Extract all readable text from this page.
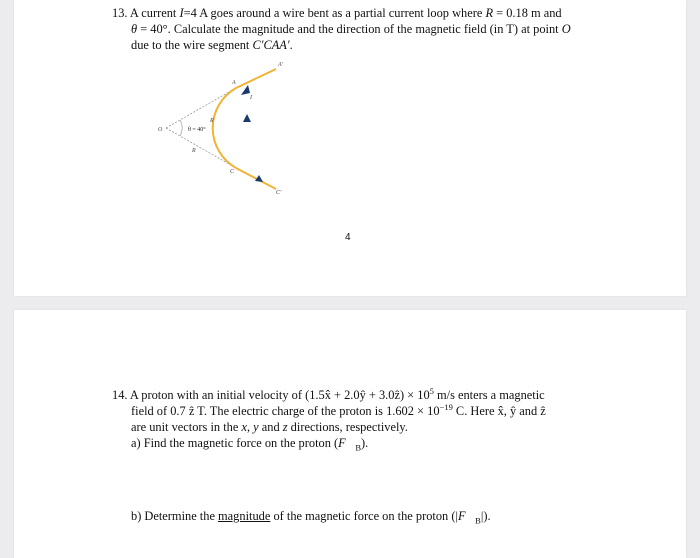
13. A current I=4 A goes around a wire bent as a partial current loop where R = 0.18 m and
θ = 40°. Calculate the magnitude and the direction of the magnetic field (in T) at point O
due to the wire segment C′CAA′.
A′
A
I
R
O	θ = 40°
R
C
C′
4
14. A proton with an initial velocity of (1.5x̂ + 2.0ŷ + 3.0ẑ) × $10^5$ m/s enters a magnetic
field of 0.7 ẑ T. The electric charge of the proton is $1.602 \times 10^{-19}$ C. Here x̂, ŷ and ẑ
are unit vectors in the x, y and z directions, respectively.
a) Find the magnetic force on the proton $(F⃗_B)$.
b) Determine the magnitude of the magnetic force on the proton $(|F⃗_B|)$.
